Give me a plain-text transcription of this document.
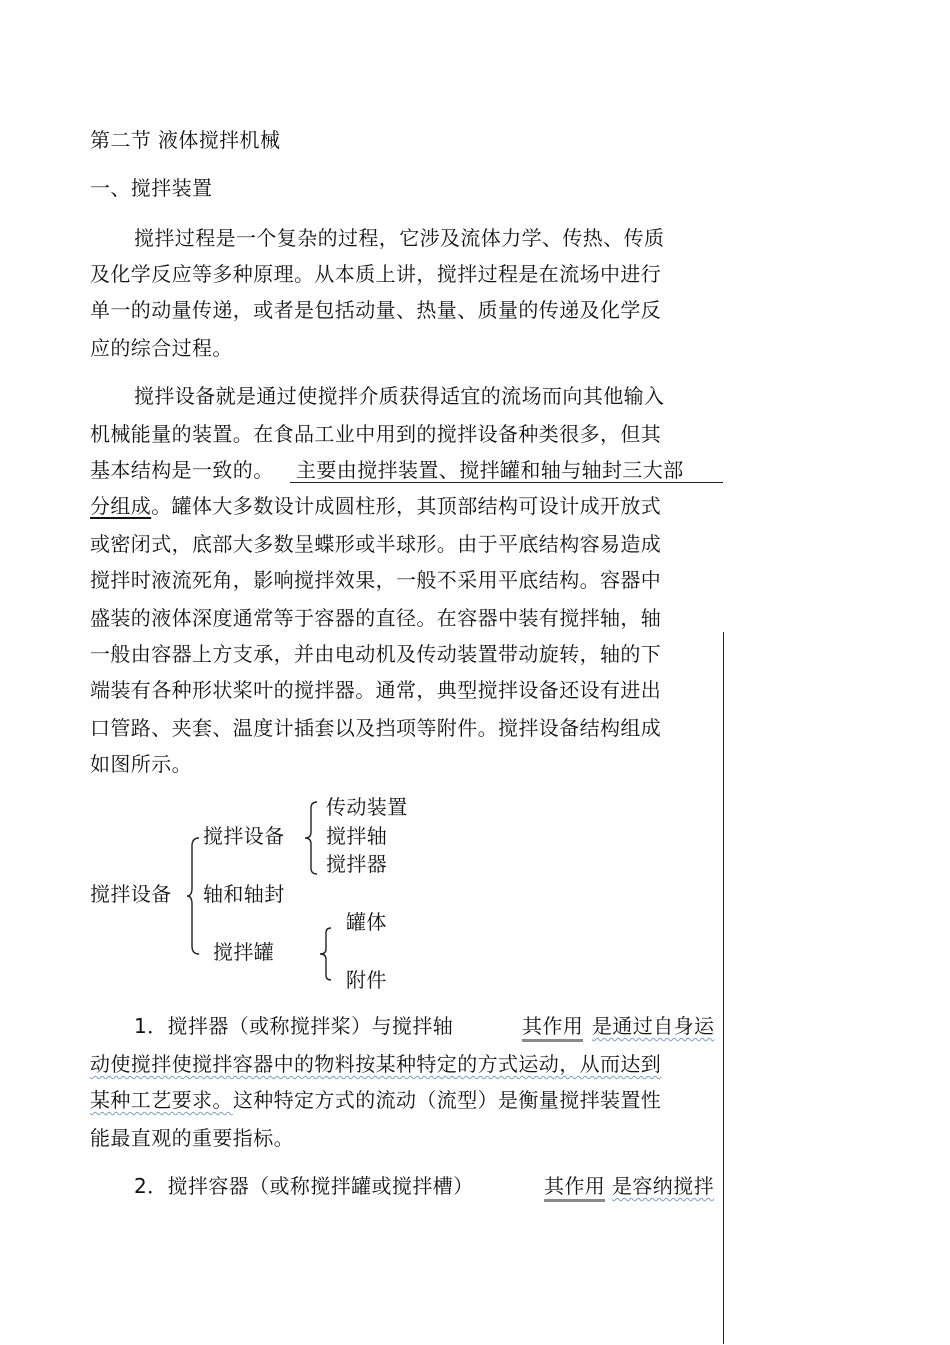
第二节 液体搅拌机械
一、搅拌装置
搅拌过程是一个复杂的过程，它涉及流体力学、传热、传质
及化学反应等多种原理。从本质上讲，搅拌过程是在流场中进行
单一的动量传递，或者是包括动量、热量、质量的传递及化学反
应的综合过程。
搅拌设备就是通过使搅拌介质获得适宜的流场而向其他输入
机械能量的装置。在食品工业中用到的搅拌设备种类很多，但其
基本结构是一致的。 主要由搅拌装置、搅拌罐和轴与轴封三大部
分组成。罐体大多数设计成圆柱形，其顶部结构可设计成开放式
或密闭式，底部大多数呈蝶形或半球形。由于平底结构容易造成
搅拌时液流死角，影响搅拌效果，一般不采用平底结构。容器中
盛装的液体深度通常等于容器的直径。在容器中装有搅拌轴，轴
一般由容器上方支承，并由电动机及传动装置带动旋转，轴的下
端装有各种形状桨叶的搅拌器。通常，典型搅拌设备还设有进出
口管路、夹套、温度计插套以及挡项等附件。搅拌设备结构组成
如图所示。
搅拌设备
搅拌设备
传动装置
搅拌轴
搅拌器
轴和轴封
搅拌罐
罐体
附件
1．搅拌器（或称搅拌桨）与搅拌轴	其作用 是通过自身运
动使搅拌使搅拌容器中的物料按某种特定的方式运动，从而达到
某种工艺要求。这种特定方式的流动（流型）是衡量搅拌装置性
能最直观的重要指标。
2．搅拌容器（或称搅拌罐或搅拌槽）	其作用 是容纳搅拌
